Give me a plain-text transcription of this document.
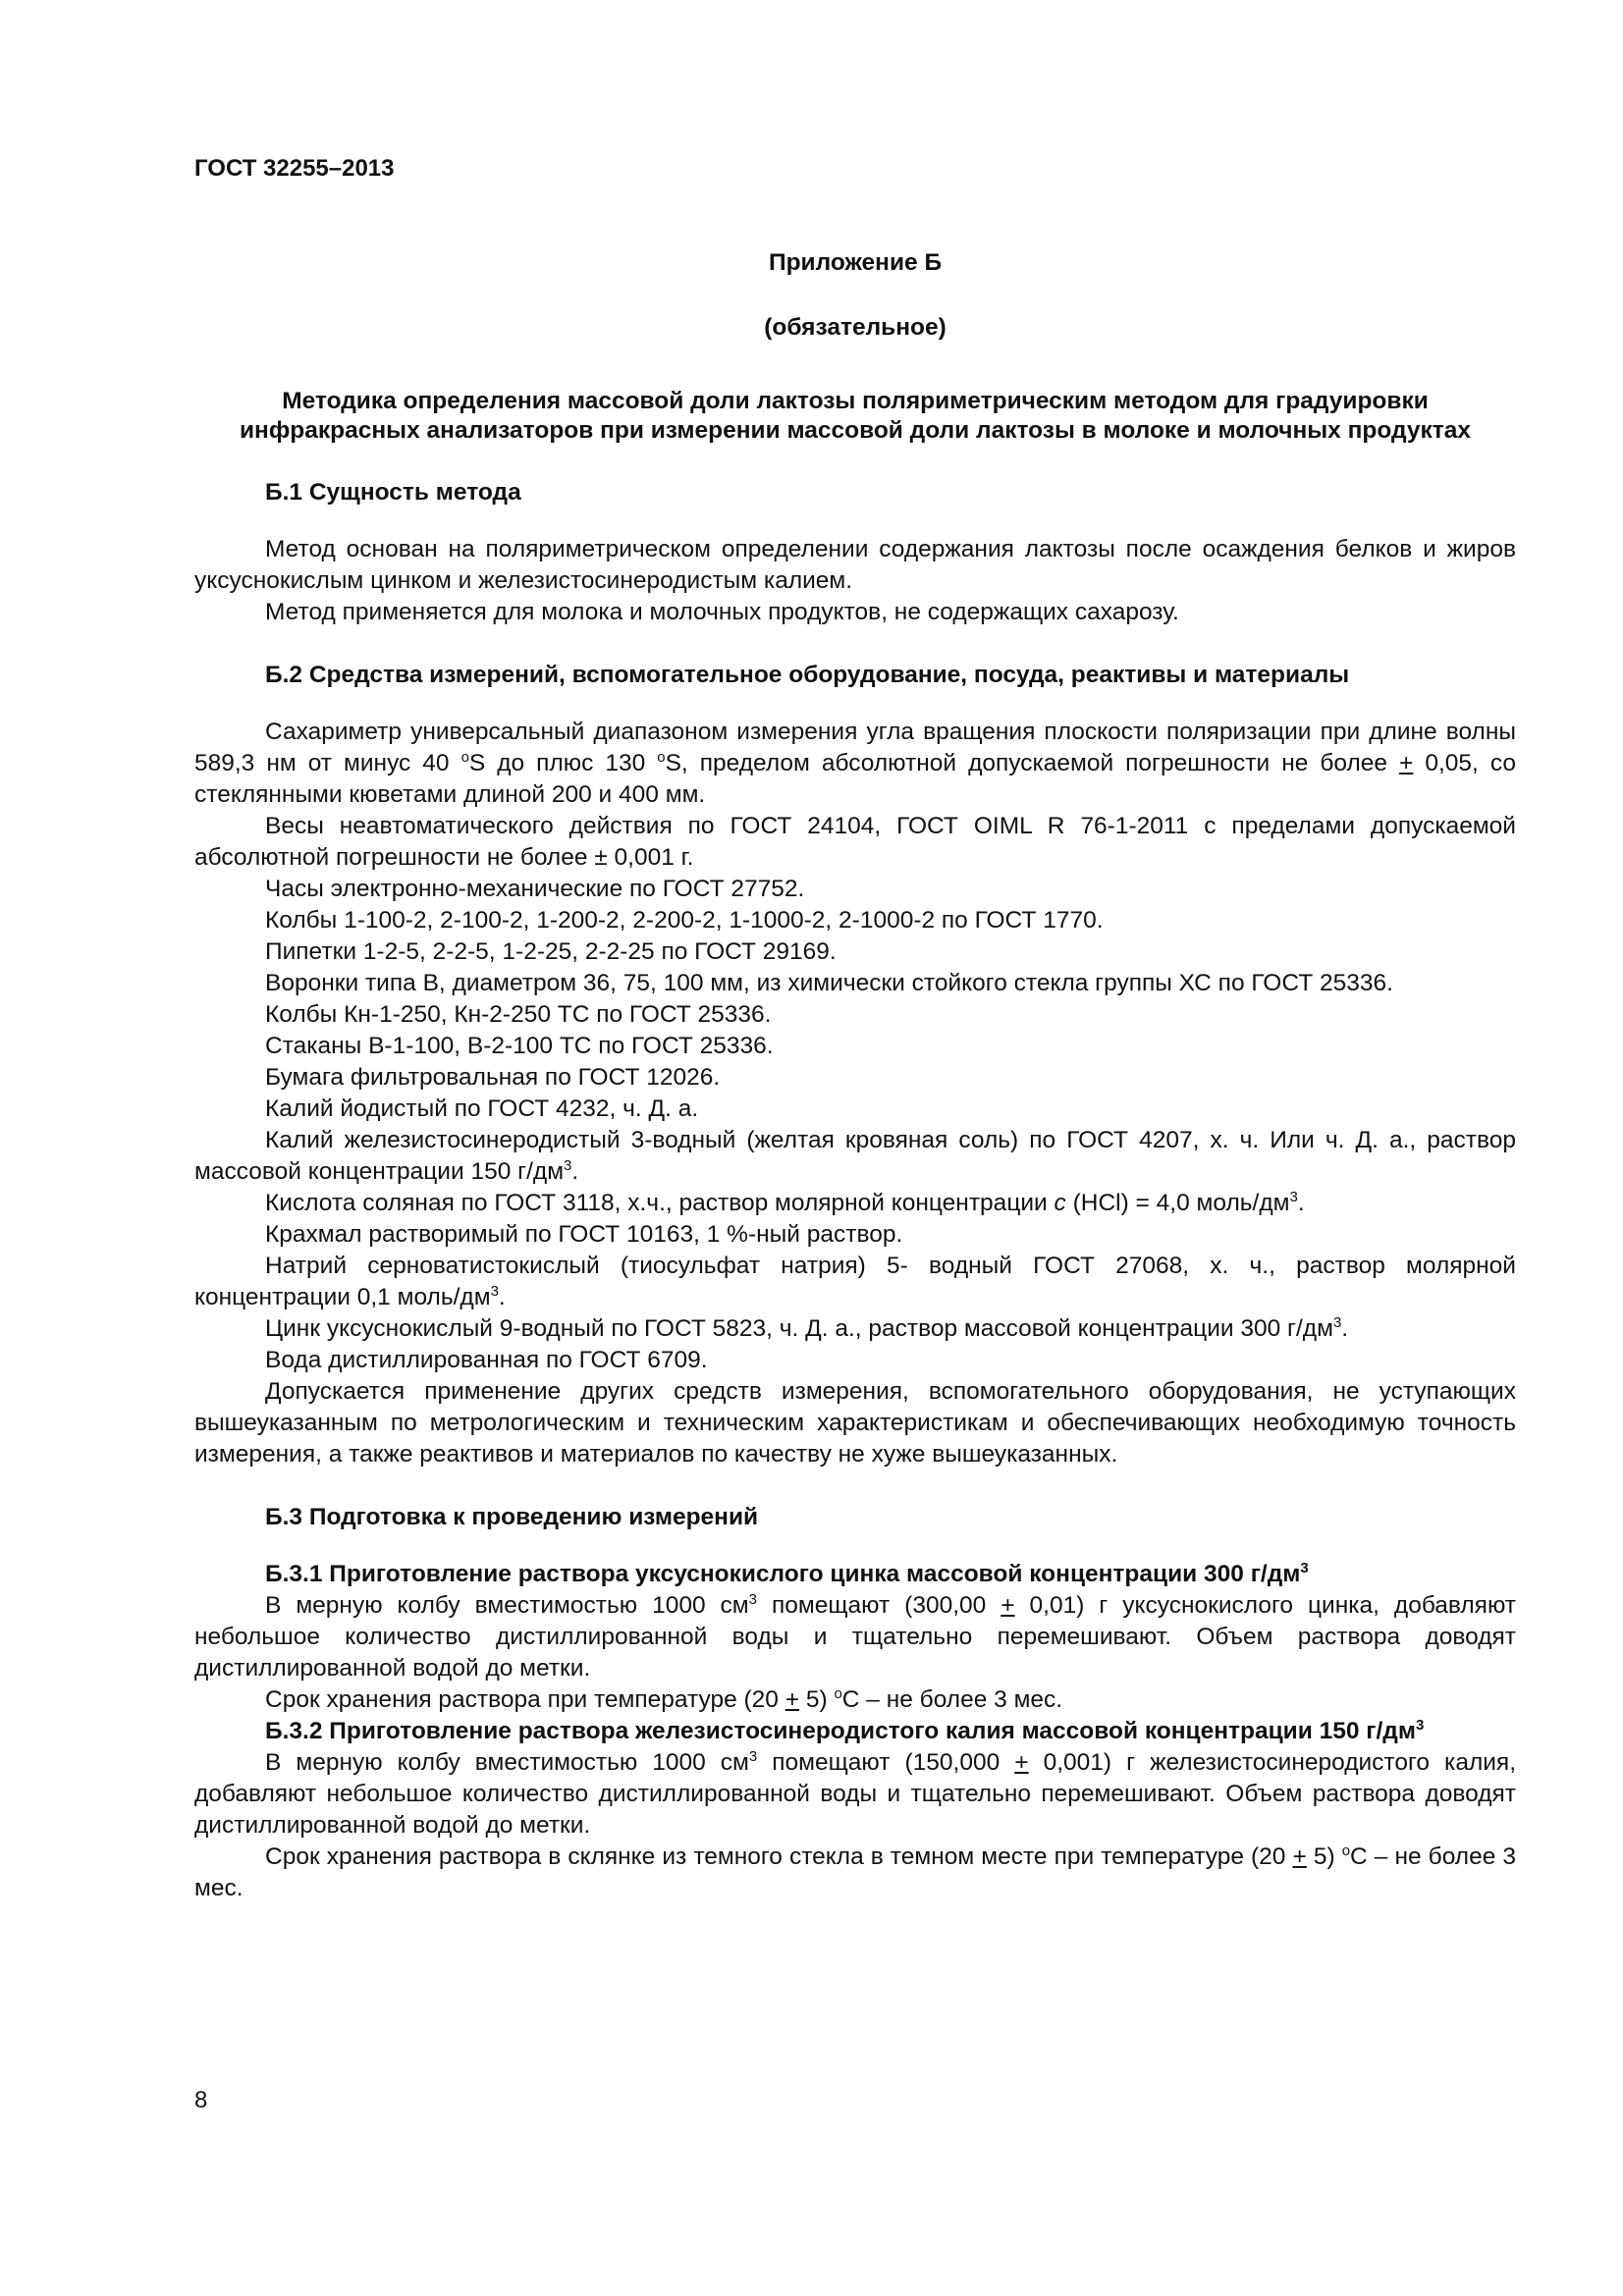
ГОСТ 32255–2013
Приложение Б
(обязательное)
Методика определения массовой доли лактозы поляриметрическим методом для градуировки инфракрасных анализаторов при измерении массовой доли лактозы в молоке и молочных продуктах
Б.1 Сущность метода

Метод основан на поляриметрическом определении содержания лактозы после осаждения белков и жиров уксуснокислым цинком и железистосинеродистым калием.

Метод применяется для молока и молочных продуктов, не содержащих сахарозу.

Б.2 Средства измерений, вспомогательное оборудование, посуда, реактивы и материалы

Сахариметр универсальный диапазоном измерения угла вращения плоскости поляризации при длине волны 589,3 нм от минус 40 $^o$S до плюс 130 $^o$S, пределом абсолютной допускаемой погрешности не более + 0,05, со стеклянными кюветами длиной 200 и 400 мм.

Весы неавтоматического действия по ГОСТ 24104, ГОСТ OIML R 76-1-2011 с пределами допускаемой абсолютной погрешности не более ± 0,001 г.

Часы электронно-механические по ГОСТ 27752.

Колбы 1-100-2, 2-100-2, 1-200-2, 2-200-2, 1-1000-2, 2-1000-2 по ГОСТ 1770.

Пипетки 1-2-5, 2-2-5, 1-2-25, 2-2-25 по ГОСТ 29169.

Воронки типа В, диаметром 36, 75, 100 мм, из химически стойкого стекла группы ХС по ГОСТ 25336.

Колбы Кн-1-250, Кн-2-250 ТС по ГОСТ 25336.

Стаканы В-1-100, В-2-100 ТС по ГОСТ 25336.

Бумага фильтровальная по ГОСТ 12026.

Калий йодистый по ГОСТ 4232, ч. Д. а.

Калий железистосинеродистый 3-водный (желтая кровяная соль) по ГОСТ 4207, х. ч. Или ч. Д. а., раствор массовой концентрации 150 $г/дм^3$.

Кислота соляная по ГОСТ 3118, х.ч., раствор молярной концентрации c (HCl) = 4,0 моль/$дм^3$.

Крахмал растворимый по ГОСТ 10163, 1 %-ный раствор.

Натрий серноватистокислый (тиосульфат натрия) 5- водный ГОСТ 27068, х. ч., раствор молярной концентрации 0,1 моль/$дм^3$.

Цинк уксуснокислый 9-водный по ГОСТ 5823, ч. Д. а., раствор массовой концентрации 300 $г/дм^3$.

Вода дистиллированная по ГОСТ 6709.

Допускается применение других средств измерения, вспомогательного оборудования, не уступающих вышеуказанным по метрологическим и техническим характеристикам и обеспечивающих необходимую точность измерения, а также реактивов и материалов по качеству не хуже вышеуказанных.

Б.3 Подготовка к проведению измерений
Б.3.1 Приготовление раствора уксуснокислого цинка массовой концентрации 300 $г/дм^3$

В мерную колбу вместимостью 1000 $см^3$ помещают (300,00 + 0,01) г уксуснокислого цинка, добавляют небольшое количество дистиллированной воды и тщательно перемешивают. Объем раствора доводят дистиллированной водой до метки.

Срок хранения раствора при температуре (20 + 5) $^o$С – не более 3 мес.

Б.3.2 Приготовление раствора железистосинеродистого калия массовой концентрации 150 $г/дм^3$

В мерную колбу вместимостью 1000 $см^3$ помещают (150,000 + 0,001) г железистосинеродистого калия, добавляют небольшое количество дистиллированной воды и тщательно перемешивают. Объем раствора доводят дистиллированной водой до метки.

Срок хранения раствора в склянке из темного стекла в темном месте при температуре (20 + 5) $^o$С – не более 3 мес.

8
